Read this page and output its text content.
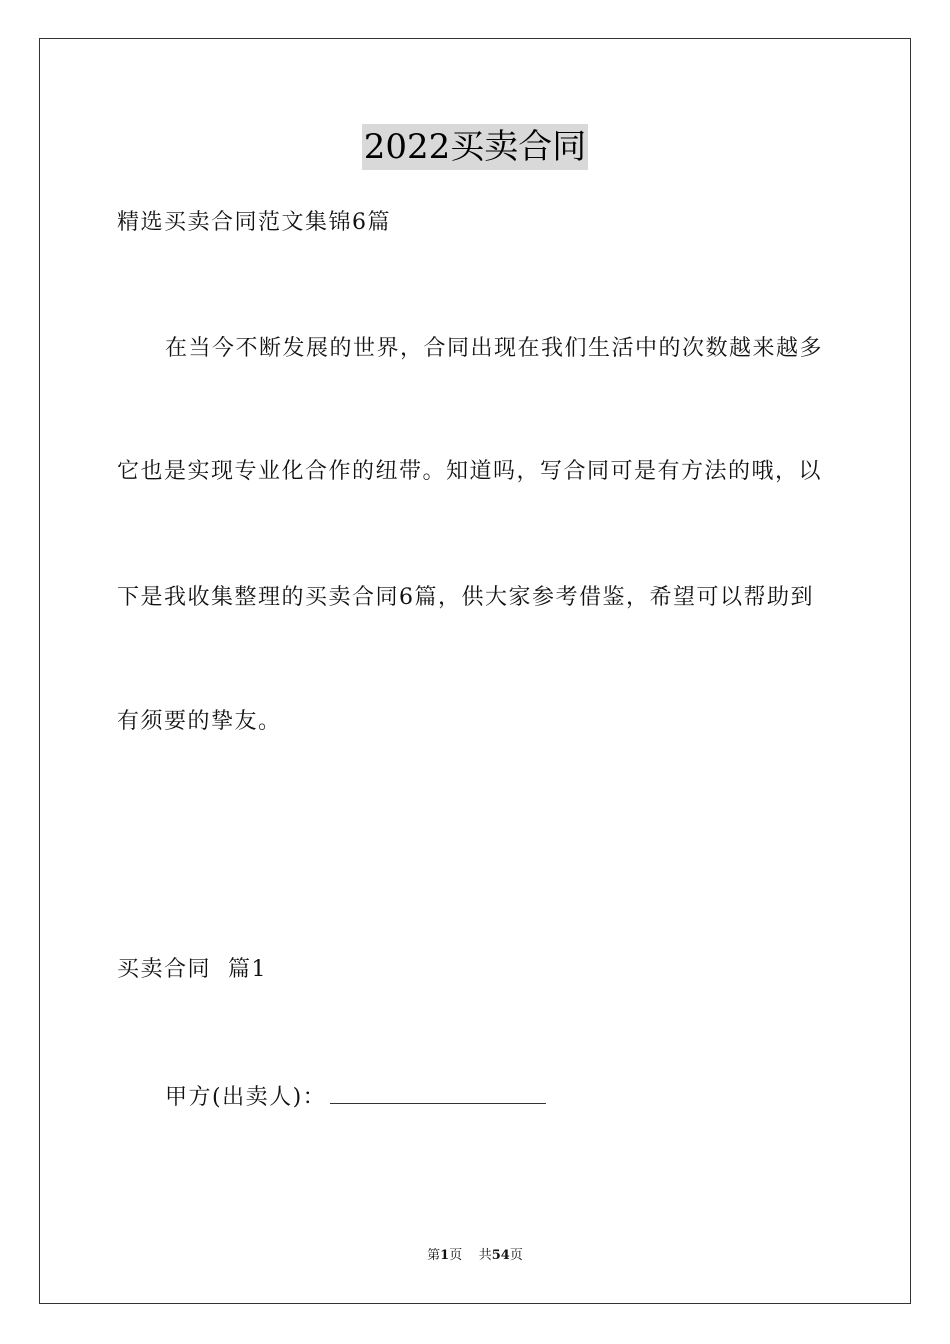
2022买卖合同
精选买卖合同范文集锦6篇
在当今不断发展的世界，合同出现在我们生活中的次数越来越多
它也是实现专业化合作的纽带。知道吗，写合同可是有方法的哦，以
下是我收集整理的买卖合同6篇，供大家参考借鉴，希望可以帮助到
有须要的挚友。
买卖合同  篇1
甲方(出卖人)：
第1页 共54页
